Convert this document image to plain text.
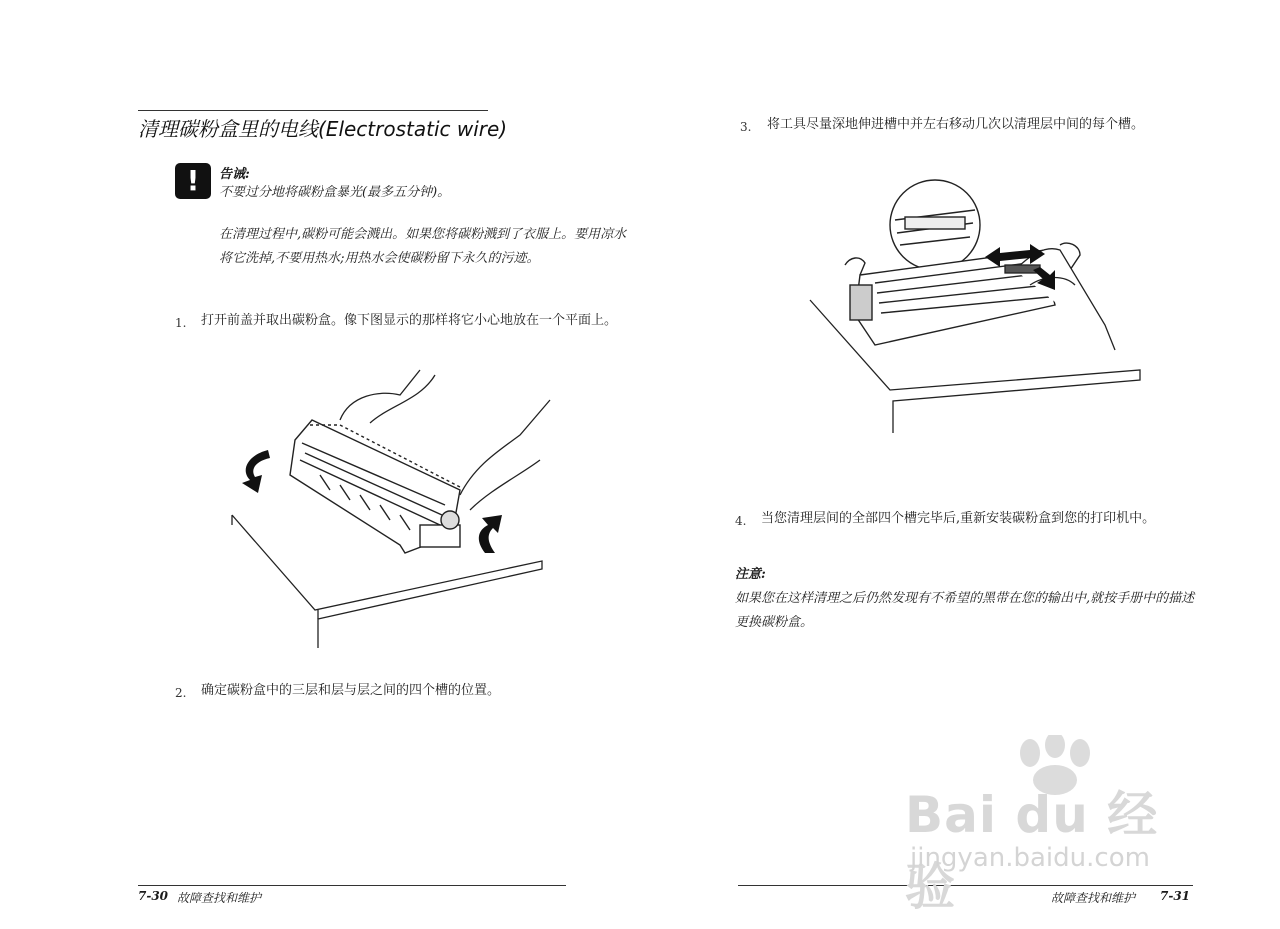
清理碳粉盒里的电线(Electrostatic wire)
!	告诫:
不要过分地将碳粉盒暴光(最多五分钟)。
在清理过程中,碳粉可能会溅出。如果您将碳粉溅到了衣服上。要用凉水将它洗掉,不要用热水;用热水会使碳粉留下永久的污迹。
1. 打开前盖并取出碳粉盒。像下图显示的那样将它小心地放在一个平面上。
2. 确定碳粉盒中的三层和层与层之间的四个槽的位置。
7-30 故障查找和维护
3. 将工具尽量深地伸进槽中并左右移动几次以清理层中间的每个槽。
4. 当您清理层间的全部四个槽完毕后,重新安装碳粉盒到您的打印机中。
注意:
如果您在这样清理之后仍然发现有不希望的黑带在您的输出中,就按手册中的描述更换碳粉盒。
故障查找和维护 7-31
Bai du 经验
jingyan.baidu.com
